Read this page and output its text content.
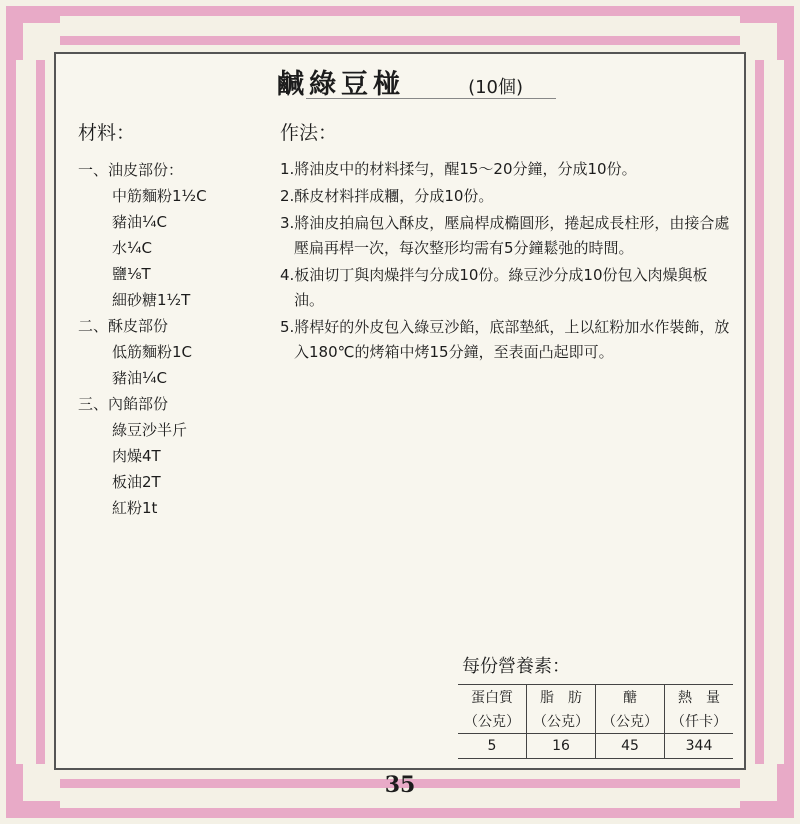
鹹綠豆椪	(10個)
材料：
一、油皮部份：
中筋麵粉1½C
豬油¼C
水¼C
鹽⅛T
細砂糖1½T
二、酥皮部份
低筋麵粉1C
豬油¼C
三、內餡部份
綠豆沙半斤
肉燥4T
板油2T
紅粉1t
作法：
1.將油皮中的材料揉勻，醒15～20分鐘，分成10份。
2.酥皮材料拌成糰，分成10份。
3.將油皮拍扁包入酥皮，壓扁桿成橢圓形，捲起成長柱形，由接合處壓扁再桿一次，每次整形均需有5分鐘鬆弛的時間。
4.板油切丁與肉燥拌勻分成10份。綠豆沙分成10份包入肉燥與板油。
5.將桿好的外皮包入綠豆沙餡，底部墊紙，上以紅粉加水作裝飾，放入180℃的烤箱中烤15分鐘，至表面凸起即可。
每份營養素：
蛋白質	脂　肪	醣	熱　量
（公克）	（公克）	（公克）	（仟卡）
5	16	45	344
35
